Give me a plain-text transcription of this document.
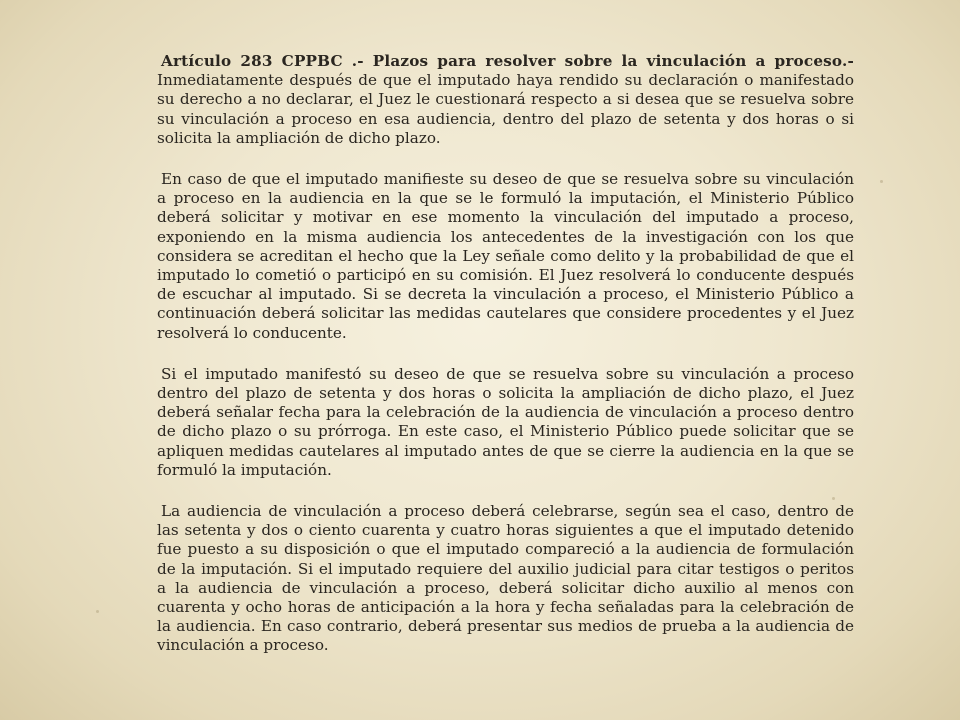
Artículo 283 CPPBC .- Plazos para resolver sobre la vinculación a proceso.- Inmediatamente después de que el imputado haya rendido su declaración o manifestado su derecho a no declarar, el Juez le cuestionará respecto a si desea que se resuelva sobre su vinculación a proceso en esa audiencia, dentro del plazo de setenta y dos horas o si solicita la ampliación de dicho plazo.

En caso de que el imputado manifieste su deseo de que se resuelva sobre su vinculación a proceso en la audiencia en la que se le formuló la imputación, el Ministerio Público deberá solicitar y motivar en ese momento la vinculación del imputado a proceso, exponiendo en la misma audiencia los antecedentes de la investigación con los que considera se acreditan el hecho que la Ley señale como delito y la probabilidad de que el imputado lo cometió o participó en su comisión. El Juez resolverá lo conducente después de escuchar al imputado. Si se decreta la vinculación a proceso, el Ministerio Público a continuación deberá solicitar las medidas cautelares que considere procedentes y el Juez resolverá lo conducente.

Si el imputado manifestó su deseo de que se resuelva sobre su vinculación a proceso dentro del plazo de setenta y dos horas o solicita la ampliación de dicho plazo, el Juez deberá señalar fecha para la celebración de la audiencia de vinculación a proceso dentro de dicho plazo o su prórroga. En este caso, el Ministerio Público puede solicitar que se apliquen medidas cautelares al imputado antes de que se cierre la audiencia en la que se formuló la imputación.

La audiencia de vinculación a proceso deberá celebrarse, según sea el caso, dentro de las setenta y dos o ciento cuarenta y cuatro horas siguientes a que el imputado detenido fue puesto a su disposición o que el imputado compareció a la audiencia de formulación de la imputación. Si el imputado requiere del auxilio judicial para citar testigos o peritos a la audiencia de vinculación a proceso, deberá solicitar dicho auxilio al menos con cuarenta y ocho horas de anticipación a la hora y fecha señaladas para la celebración de la audiencia. En caso contrario, deberá presentar sus medios de prueba a la audiencia de vinculación a proceso.
